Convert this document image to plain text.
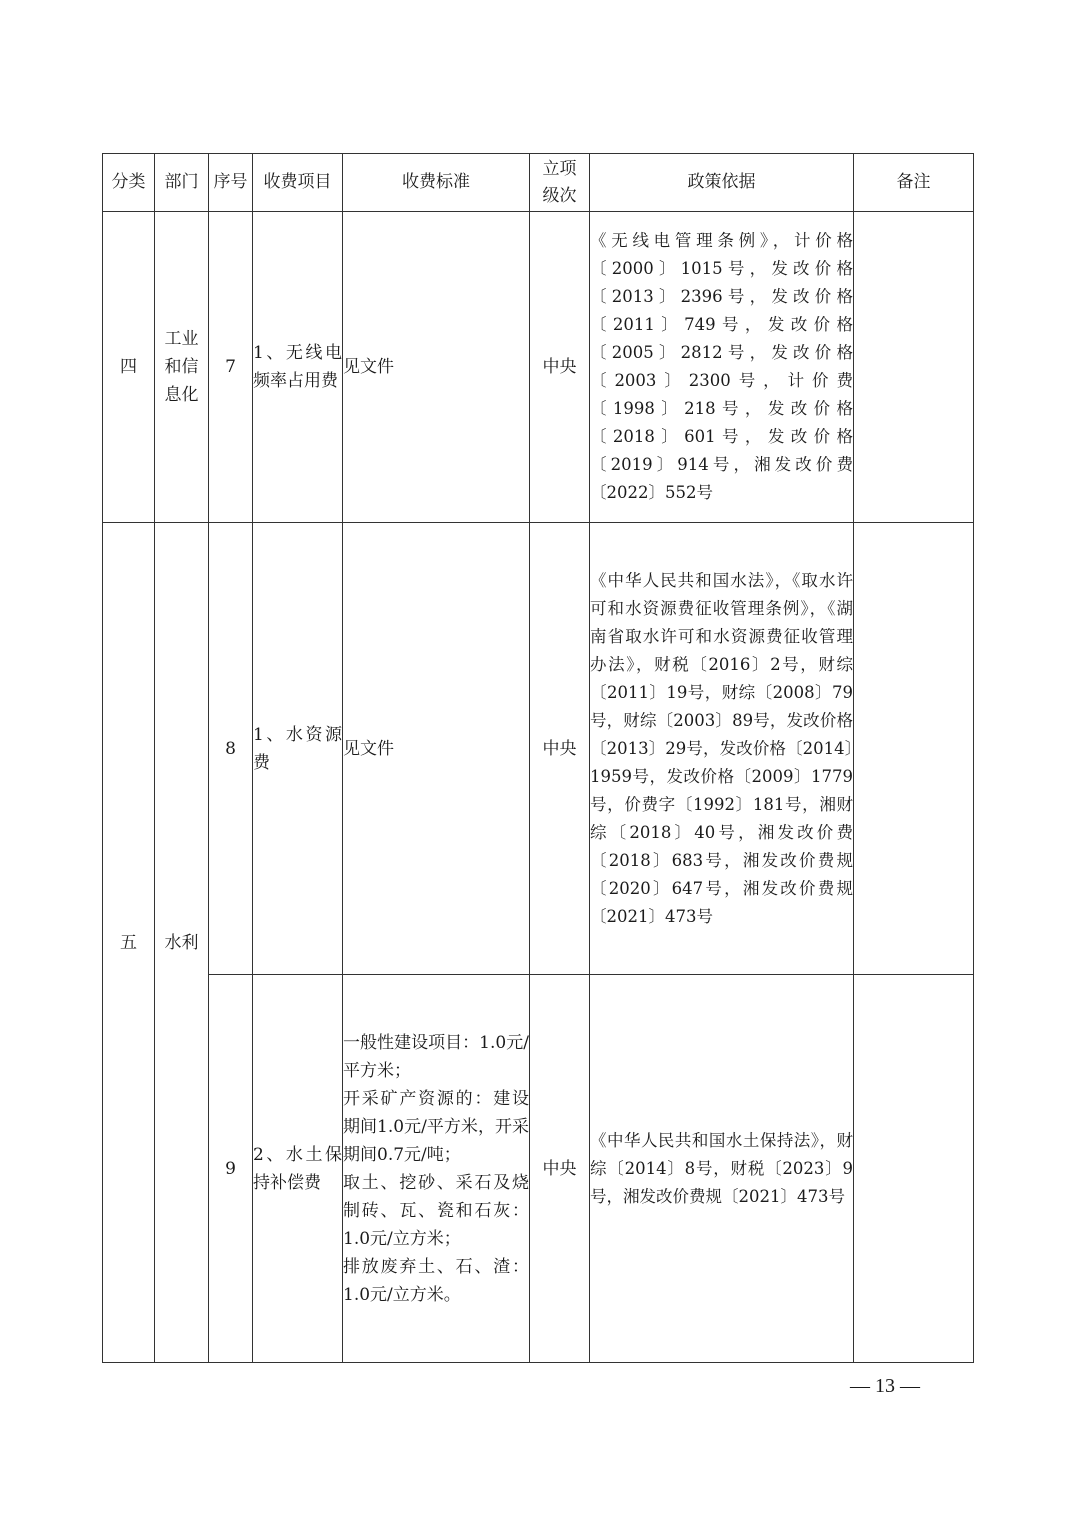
分类	部门	序号	收费项目	收费标准	立项级次	政策依据	备注
四	工业和信息化	7	1、无线电频率占用费	见文件	中央	《无线电管理条例》，计价格〔2000〕1015号，发改价格〔2013〕2396号，发改价格〔2011〕749号，发改价格〔2005〕2812号，发改价格〔2003〕2300号，计价费〔1998〕218号，发改价格〔2018〕601号，发改价格〔2019〕914号，湘发改价费〔2022〕552号	
五	水利	8	1、水资源费	见文件	中央	《中华人民共和国水法》，《取水许可和水资源费征收管理条例》，《湖南省取水许可和水资源费征收管理办法》，财税〔2016〕2号，财综〔2011〕19号，财综〔2008〕79号，财综〔2003〕89号，发改价格〔2013〕29号，发改价格〔2014〕1959号，发改价格〔2009〕1779号，价费字〔1992〕181号，湘财综〔2018〕40号，湘发改价费〔2018〕683号，湘发改价费规〔2020〕647号，湘发改价费规〔2021〕473号	
		9	2、水土保持补偿费	一般性建设项目：1.0元/平方米；
开采矿产资源的：建设期间1.0元/平方米，开采期间0.7元/吨；
取土、挖砂、采石及烧制砖、瓦、瓷和石灰：1.0元/立方米；
排放废弃土、石、渣：1.0元/立方米。	中央	《中华人民共和国水土保持法》，财综〔2014〕8号，财税〔2023〕9号，湘发改价费规〔2021〕473号	
— 13 —
